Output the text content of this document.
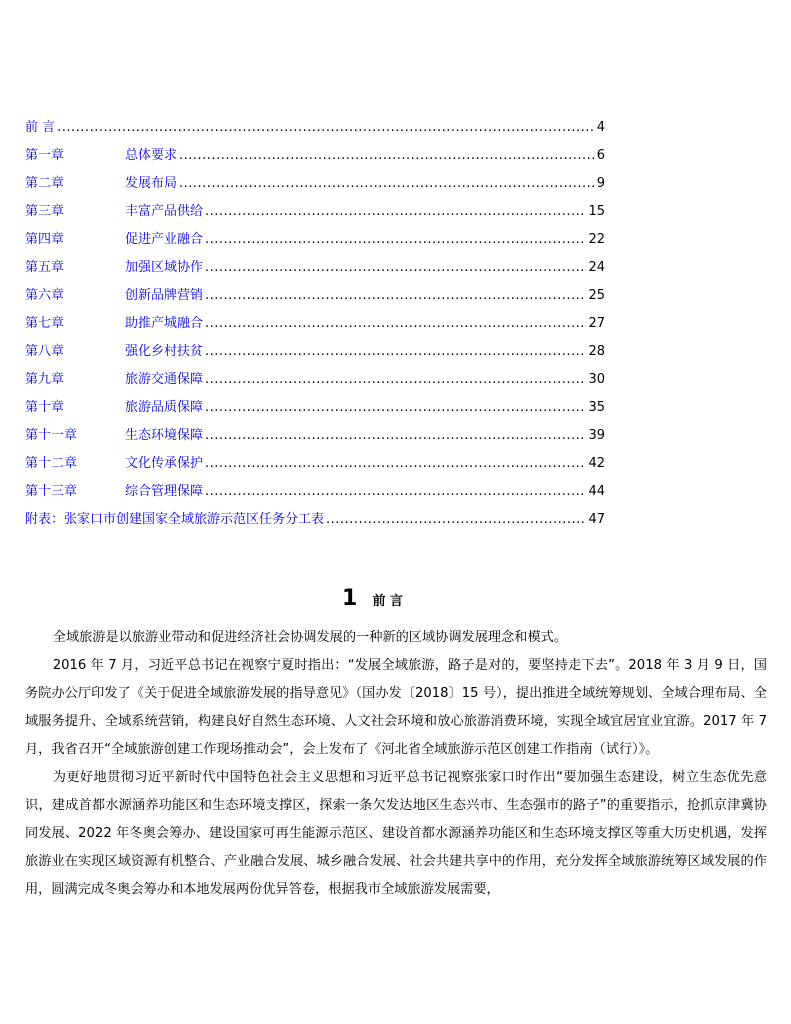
前 言 .....	4
第一章	总体要求 .....	6
第二章	发展布局 .....	9
第三章	丰富产品供给 .....	15
第四章	促进产业融合 .....	22
第五章	加强区域协作 .....	24
第六章	创新品牌营销 .....	25
第七章	助推产城融合 .....	27
第八章	强化乡村扶贫 .....	28
第九章	旅游交通保障 .....	30
第十章	旅游品质保障 .....	35
第十一章	生态环境保障 .....	39
第十二章	文化传承保护 .....	42
第十三章	综合管理保障 .....	44
附表：张家口市创建国家全域旅游示范区任务分工表 .....	47
1 前 言

全域旅游是以旅游业带动和促进经济社会协调发展的一种新的区域协调发展理念和模式。

2016 年 7 月，习近平总书记在视察宁夏时指出：“发展全域旅游，路子是对的，要坚持走下去”。2018 年 3 月 9 日，国务院办公厅印发了《关于促进全域旅游发展的指导意见》（国办发〔2018〕15 号），提出推进全域统筹规划、全域合理布局、全域服务提升、全域系统营销，构建良好自然生态环境、人文社会环境和放心旅游消费环境，实现全域宜居宜业宜游。2017 年 7 月，我省召开“全域旅游创建工作现场推动会”，会上发布了《河北省全域旅游示范区创建工作指南（试行）》。

为更好地贯彻习近平新时代中国特色社会主义思想和习近平总书记视察张家口时作出“要加强生态建设，树立生态优先意识，建成首都水源涵养功能区和生态环境支撑区，探索一条欠发达地区生态兴市、生态强市的路子”的重要指示，抢抓京津冀协同发展、2022 年冬奥会筹办、建设国家可再生能源示范区、建设首都水源涵养功能区和生态环境支撑区等重大历史机遇，发挥旅游业在实现区域资源有机整合、产业融合发展、城乡融合发展、社会共建共享中的作用，充分发挥全域旅游统筹区域发展的作用，圆满完成冬奥会筹办和本地发展两份优异答卷，根据我市全域旅游发展需要，
